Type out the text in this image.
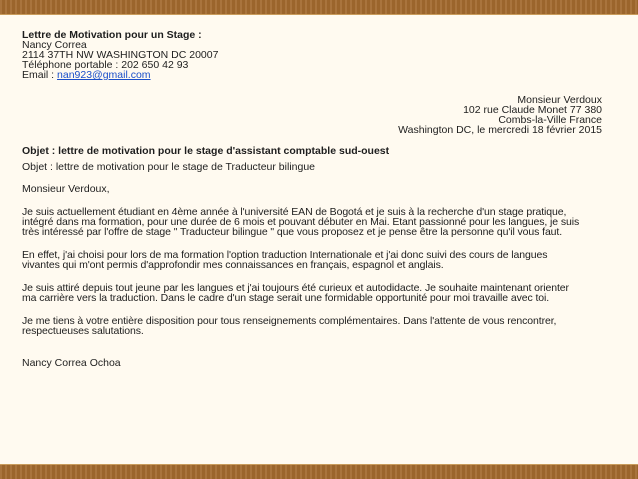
Lettre de Motivation pour un Stage :
Nancy Correa
2114 37TH NW WASHINGTON DC 20007
Téléphone portable : 202 650 42 93
Email : nan923@gmail.com
Monsieur Verdoux
102 rue Claude Monet 77 380
Combs-la-Ville France
Washington DC, le mercredi 18 février 2015
Objet : lettre de motivation pour le stage d'assistant comptable sud-ouest
Objet : lettre de motivation pour le stage de Traducteur bilingue
Monsieur Verdoux,
Je suis actuellement étudiant en 4ème année à l'université EAN de Bogotá et je suis à la recherche d'un stage pratique,
intégré dans ma formation, pour une durée de 6 mois et pouvant débuter en Mai. Etant passionné pour les langues, je suis
très intéressé par l'offre de stage " Traducteur bilingue " que vous proposez et je pense être la personne qu'il vous faut.
En effet, j'ai choisi pour lors de ma formation l'option traduction Internationale et j'ai donc suivi des cours de langues
vivantes qui m'ont permis d'approfondir mes connaissances en français, espagnol et anglais.
Je suis attiré depuis tout jeune par les langues et j'ai toujours été curieux et autodidacte. Je souhaite maintenant orienter
ma carrière vers la traduction. Dans le cadre d'un stage serait une formidable opportunité pour moi travaille avec toi.
Je me tiens à votre entière disposition pour tous renseignements complémentaires. Dans l'attente de vous rencontrer,
respectueuses salutations.
Nancy Correa Ochoa
